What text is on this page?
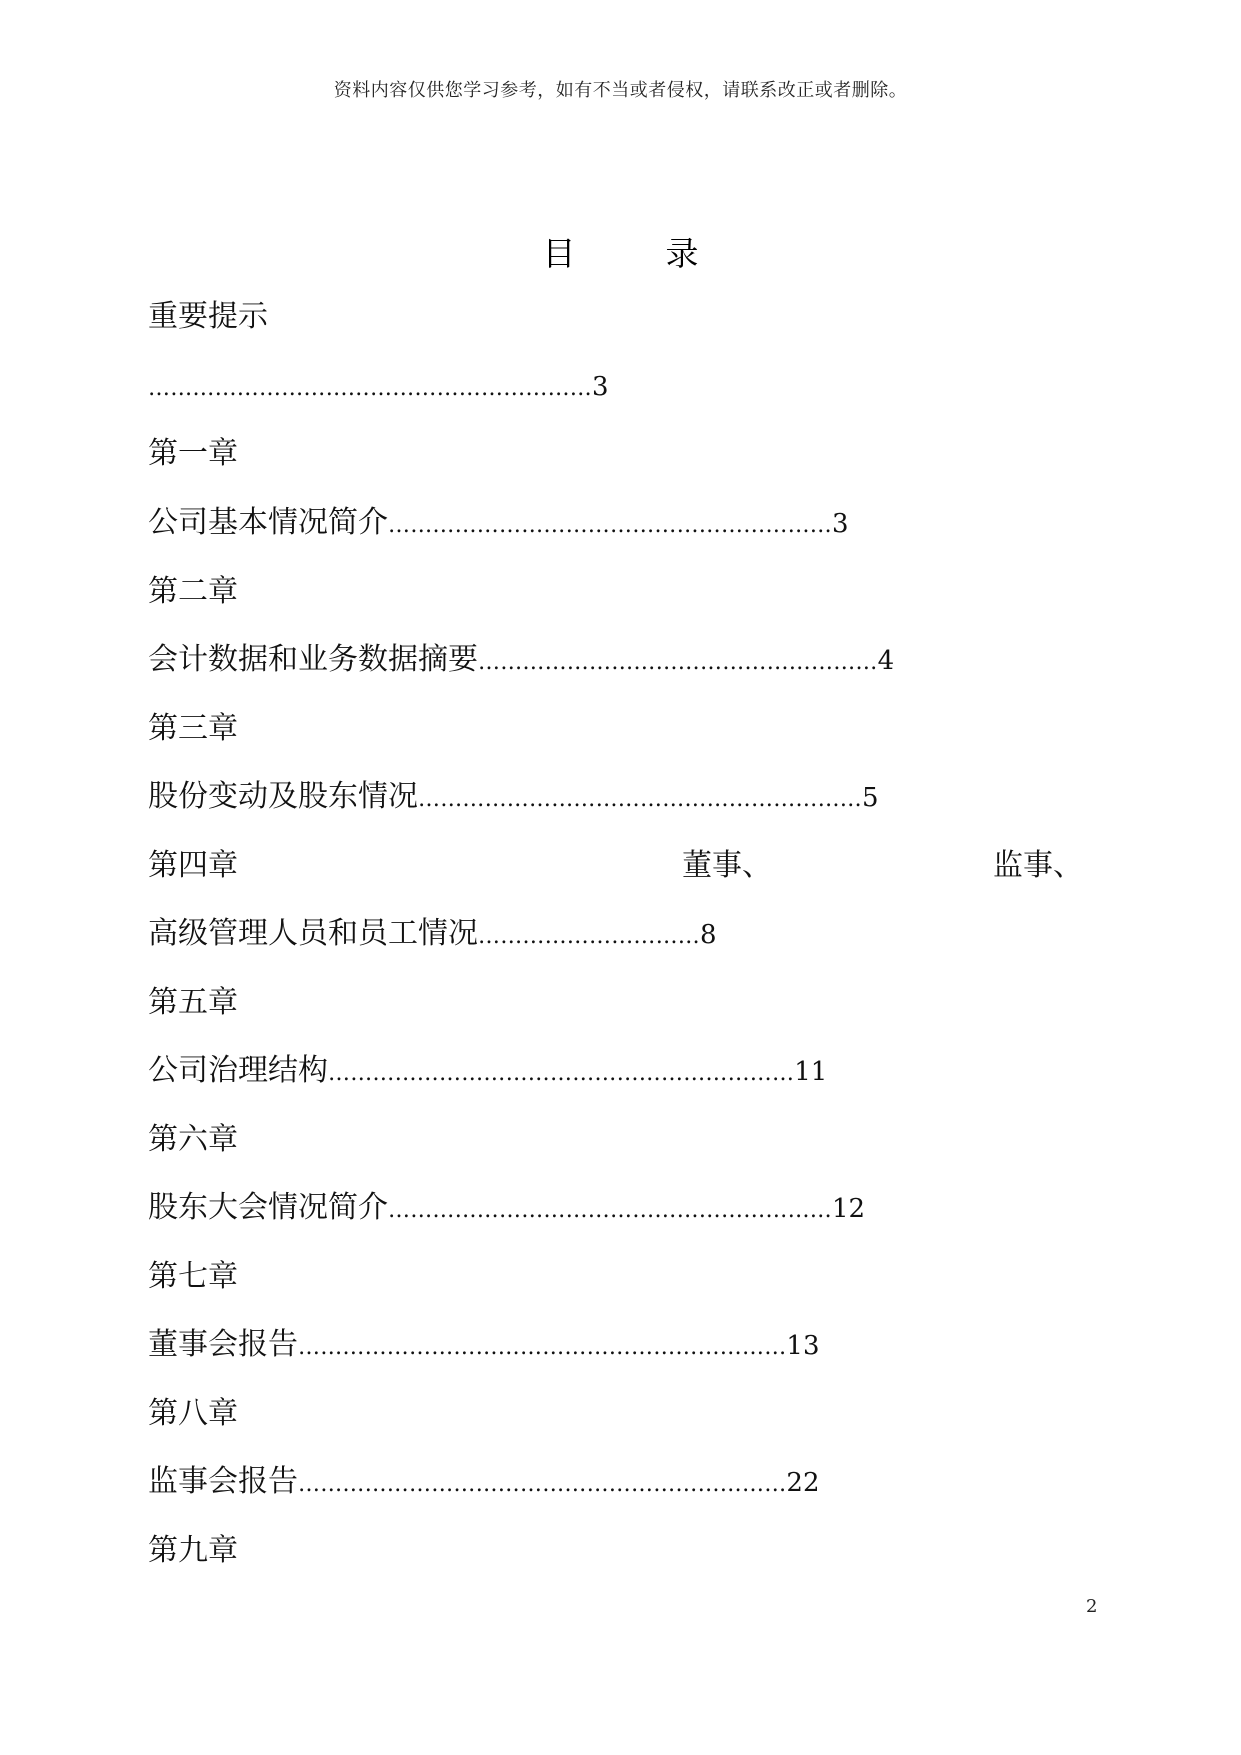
资料内容仅供您学习参考，如有不当或者侵权，请联系改正或者删除。
目	录
重要提示
……………………………………………………3
第一章
公司基本情况简介……………………………………………………3
第二章
会计数据和业务数据摘要………………………………………………4
第三章
股份变动及股东情况……………………………………………………5
第四章	董事、	监事、
高级管理人员和员工情况…………………………8
第五章
公司治理结构………………………………………………………11
第六章
股东大会情况简介……………………………………………………12
第七章
董事会报告…………………………………………………………13
第八章
监事会报告…………………………………………………………22
第九章
2
